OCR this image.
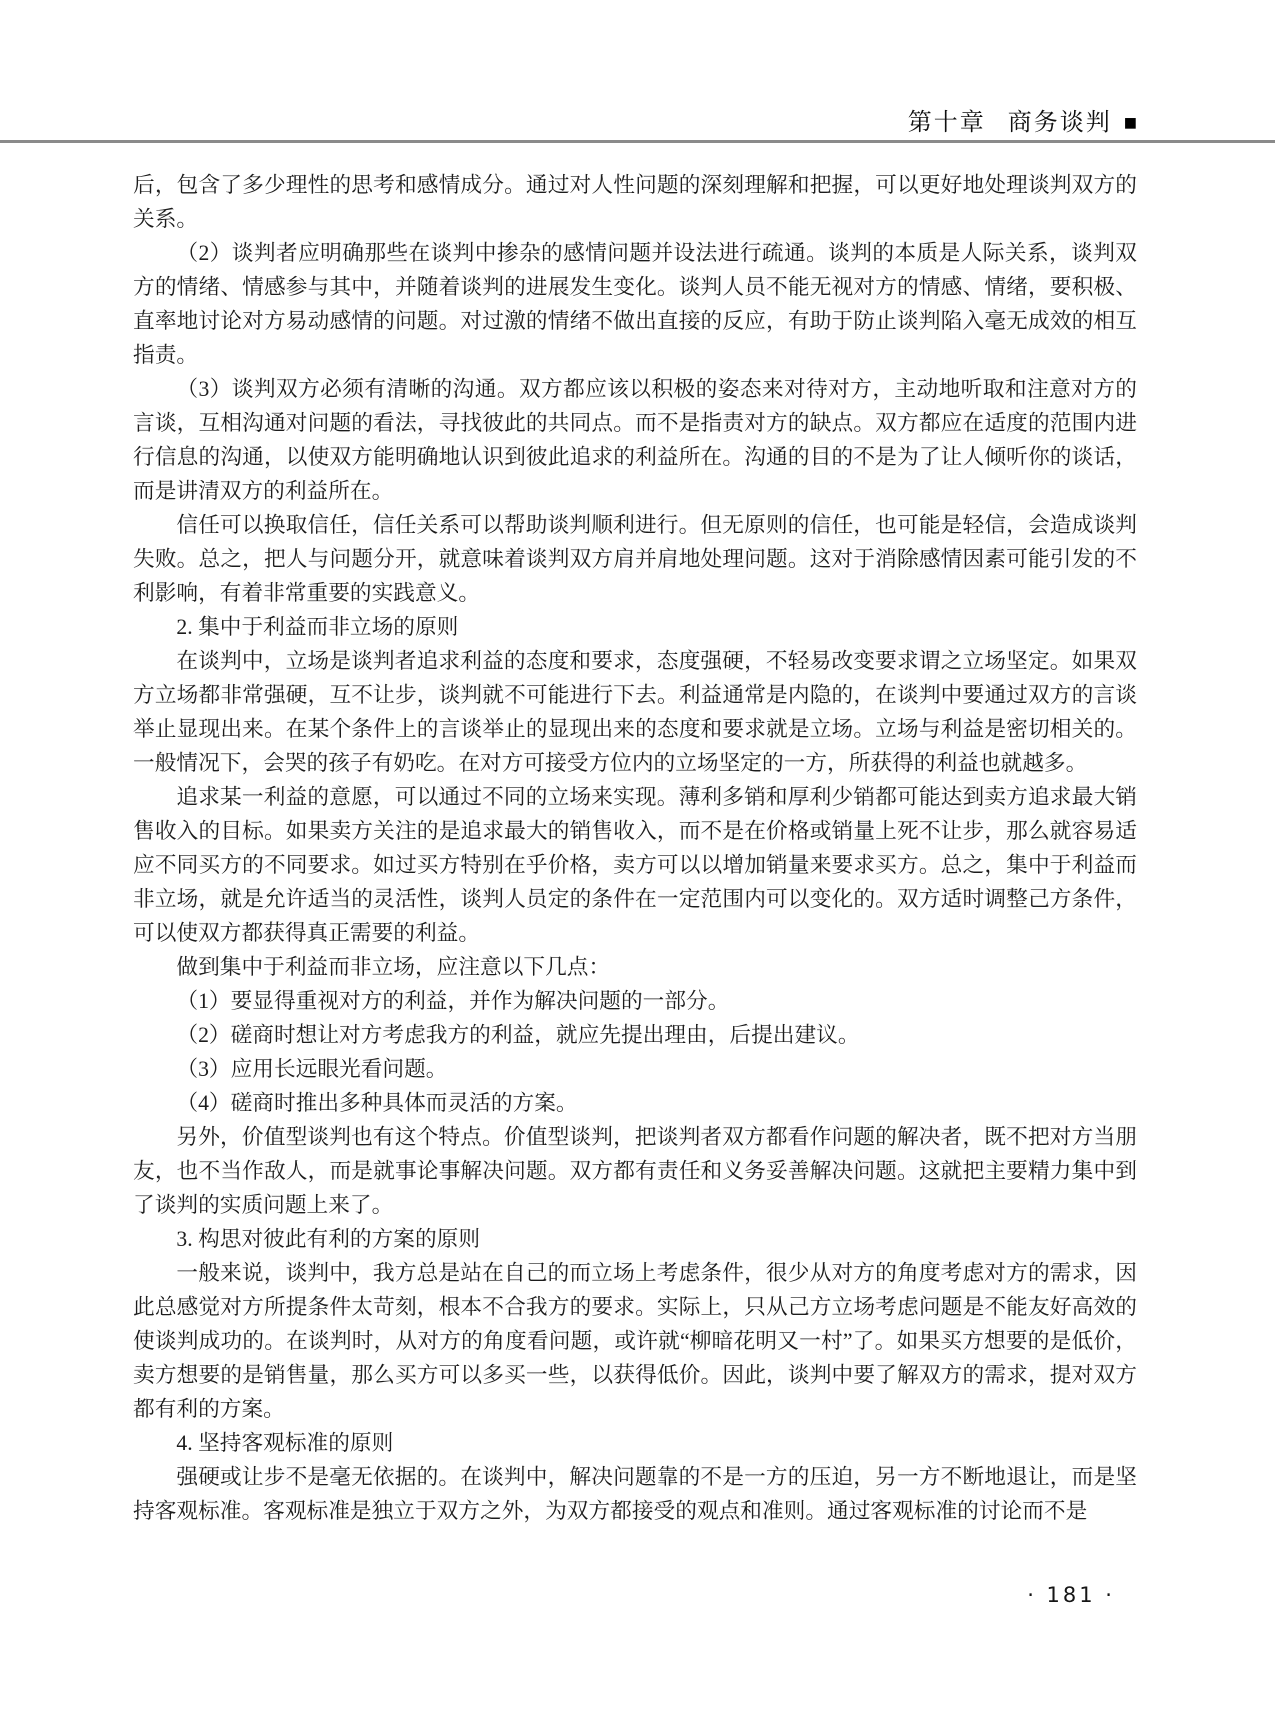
第十章 商务谈判 ■

后，包含了多少理性的思考和感情成分。通过对人性问题的深刻理解和把握，可以更好地处理谈判双方的关系。

（2）谈判者应明确那些在谈判中掺杂的感情问题并设法进行疏通。谈判的本质是人际关系，谈判双方的情绪、情感参与其中，并随着谈判的进展发生变化。谈判人员不能无视对方的情感、情绪，要积极、直率地讨论对方易动感情的问题。对过激的情绪不做出直接的反应，有助于防止谈判陷入毫无成效的相互指责。

（3）谈判双方必须有清晰的沟通。双方都应该以积极的姿态来对待对方，主动地听取和注意对方的言谈，互相沟通对问题的看法，寻找彼此的共同点。而不是指责对方的缺点。双方都应在适度的范围内进行信息的沟通，以使双方能明确地认识到彼此追求的利益所在。沟通的目的不是为了让人倾听你的谈话，而是讲清双方的利益所在。

信任可以换取信任，信任关系可以帮助谈判顺利进行。但无原则的信任，也可能是轻信，会造成谈判失败。总之，把人与问题分开，就意味着谈判双方肩并肩地处理问题。这对于消除感情因素可能引发的不利影响，有着非常重要的实践意义。

2. 集中于利益而非立场的原则

在谈判中，立场是谈判者追求利益的态度和要求，态度强硬，不轻易改变要求谓之立场坚定。如果双方立场都非常强硬，互不让步，谈判就不可能进行下去。利益通常是内隐的，在谈判中要通过双方的言谈举止显现出来。在某个条件上的言谈举止的显现出来的态度和要求就是立场。立场与利益是密切相关的。一般情况下，会哭的孩子有奶吃。在对方可接受方位内的立场坚定的一方，所获得的利益也就越多。

追求某一利益的意愿，可以通过不同的立场来实现。薄利多销和厚利少销都可能达到卖方追求最大销售收入的目标。如果卖方关注的是追求最大的销售收入，而不是在价格或销量上死不让步，那么就容易适应不同买方的不同要求。如过买方特别在乎价格，卖方可以以增加销量来要求买方。总之，集中于利益而非立场，就是允许适当的灵活性，谈判人员定的条件在一定范围内可以变化的。双方适时调整己方条件，可以使双方都获得真正需要的利益。

做到集中于利益而非立场，应注意以下几点：

（1）要显得重视对方的利益，并作为解决问题的一部分。

（2）磋商时想让对方考虑我方的利益，就应先提出理由，后提出建议。

（3）应用长远眼光看问题。

（4）磋商时推出多种具体而灵活的方案。

另外，价值型谈判也有这个特点。价值型谈判，把谈判者双方都看作问题的解决者，既不把对方当朋友，也不当作敌人，而是就事论事解决问题。双方都有责任和义务妥善解决问题。这就把主要精力集中到了谈判的实质问题上来了。

3. 构思对彼此有利的方案的原则

一般来说，谈判中，我方总是站在自己的而立场上考虑条件，很少从对方的角度考虑对方的需求，因此总感觉对方所提条件太苛刻，根本不合我方的要求。实际上，只从己方立场考虑问题是不能友好高效的使谈判成功的。在谈判时，从对方的角度看问题，或许就“柳暗花明又一村”了。如果买方想要的是低价，卖方想要的是销售量，那么买方可以多买一些，以获得低价。因此，谈判中要了解双方的需求，提对双方都有利的方案。

4. 坚持客观标准的原则

强硬或让步不是毫无依据的。在谈判中，解决问题靠的不是一方的压迫，另一方不断地退让，而是坚持客观标准。客观标准是独立于双方之外，为双方都接受的观点和准则。通过客观标准的讨论而不是

· 181 ·
